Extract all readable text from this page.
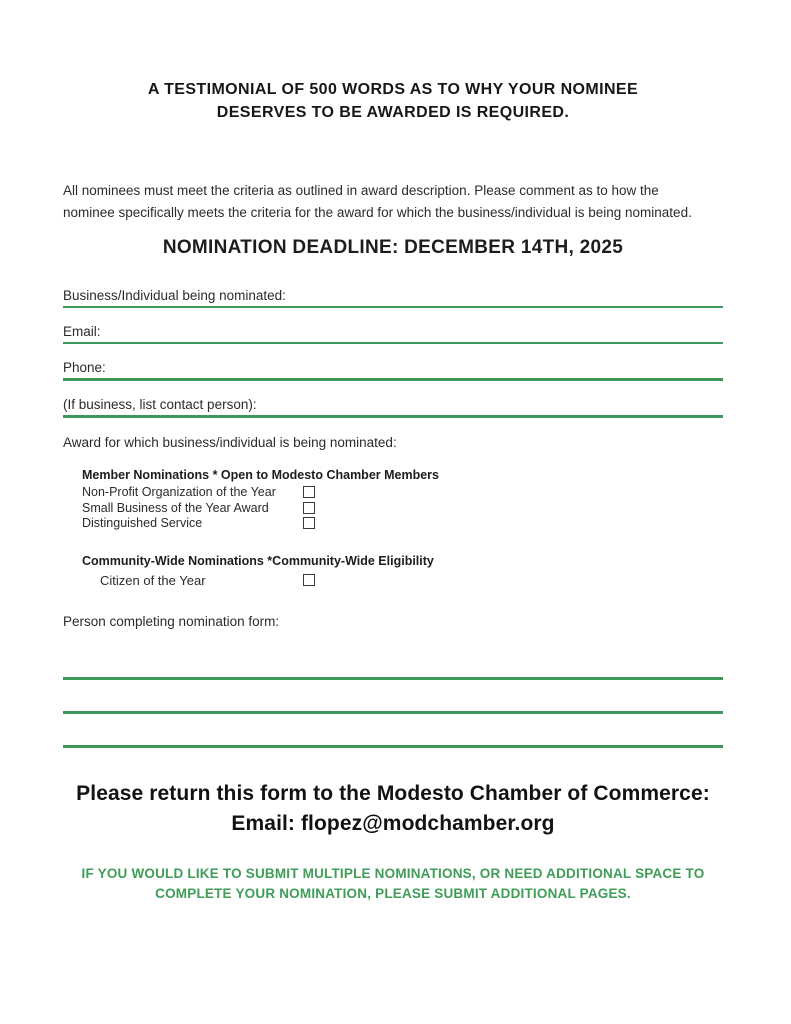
A TESTIMONIAL OF 500 WORDS AS TO WHY YOUR NOMINEE
DESERVES TO BE AWARDED IS REQUIRED.

All nominees must meet the criteria as outlined in award description. Please comment as to how the nominee specifically meets the criteria for the award for which the business/individual is being nominated.

NOMINATION DEADLINE: DECEMBER 14TH, 2025
Business/Individual being nominated:
Email:
Phone:
(If business, list contact person):
Award for which business/individual is being nominated:
Member Nominations * Open to Modesto Chamber Members
Non-Profit Organization of the Year
Small Business of the Year Award
Distinguished Service
Community-Wide Nominations *Community-Wide Eligibility
Citizen of the Year
Person completing nomination form:
Please return this form to the Modesto Chamber of Commerce:
Email: flopez@modchamber.org
IF YOU WOULD LIKE TO SUBMIT MULTIPLE NOMINATIONS, OR NEED ADDITIONAL SPACE TO
COMPLETE YOUR NOMINATION, PLEASE SUBMIT ADDITIONAL PAGES.
